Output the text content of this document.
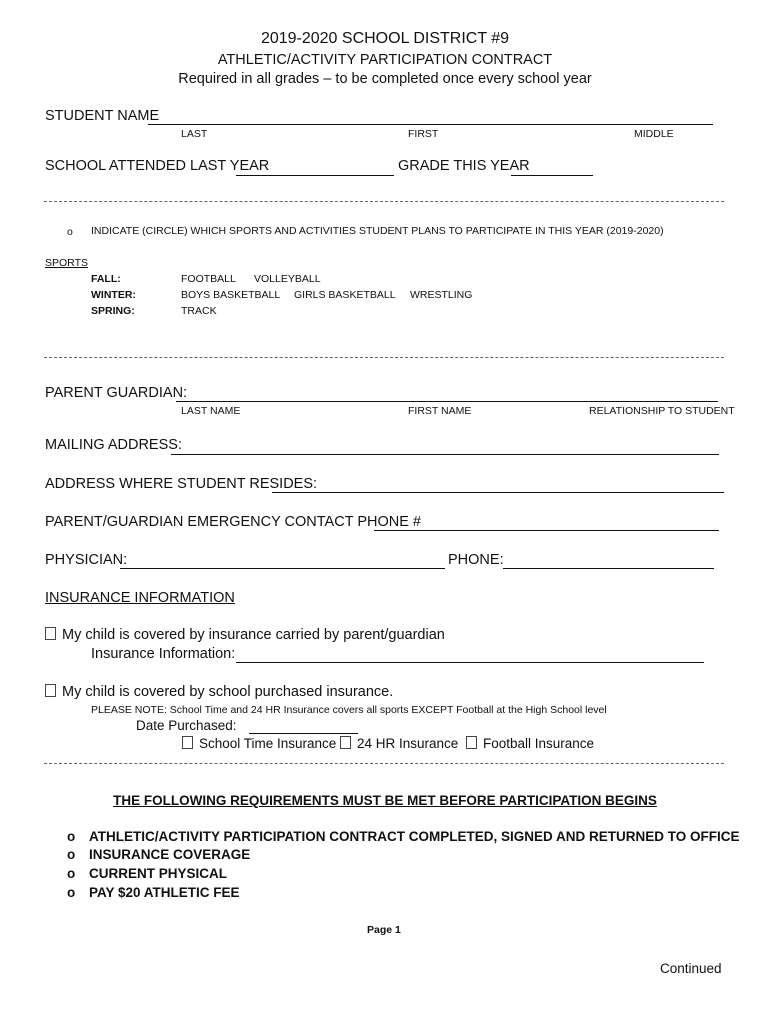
2019-2020 SCHOOL DISTRICT #9
ATHLETIC/ACTIVITY PARTICIPATION CONTRACT
Required in all grades – to be completed once every school year
STUDENT NAME
LAST	FIRST	MIDDLE
SCHOOL ATTENDED LAST YEAR	GRADE THIS YEAR
o INDICATE (CIRCLE) WHICH SPORTS AND ACTIVITIES STUDENT PLANS TO PARTICIPATE IN THIS YEAR (2019-2020)
SPORTS
FALL:	FOOTBALL VOLLEYBALL
WINTER:	BOYS BASKETBALL GIRLS BASKETBALL WRESTLING
SPRING:	TRACK
PARENT GUARDIAN:
LAST NAME	FIRST NAME	RELATIONSHIP TO STUDENT
MAILING ADDRESS:
ADDRESS WHERE STUDENT RESIDES:
PARENT/GUARDIAN EMERGENCY CONTACT PHONE #
PHYSICIAN:	PHONE:
INSURANCE INFORMATION
My child is covered by insurance carried by parent/guardian
Insurance Information:
My child is covered by school purchased insurance.
PLEASE NOTE: School Time and 24 HR Insurance covers all sports EXCEPT Football at the High School level
Date Purchased:
School Time Insurance	24 HR Insurance	Football Insurance
THE FOLLOWING REQUIREMENTS MUST BE MET BEFORE PARTICIPATION BEGINS
o ATHLETIC/ACTIVITY PARTICIPATION CONTRACT COMPLETED, SIGNED AND RETURNED TO OFFICE
o INSURANCE COVERAGE
o CURRENT PHYSICAL
o PAY $20 ATHLETIC FEE
Page 1
Continued
